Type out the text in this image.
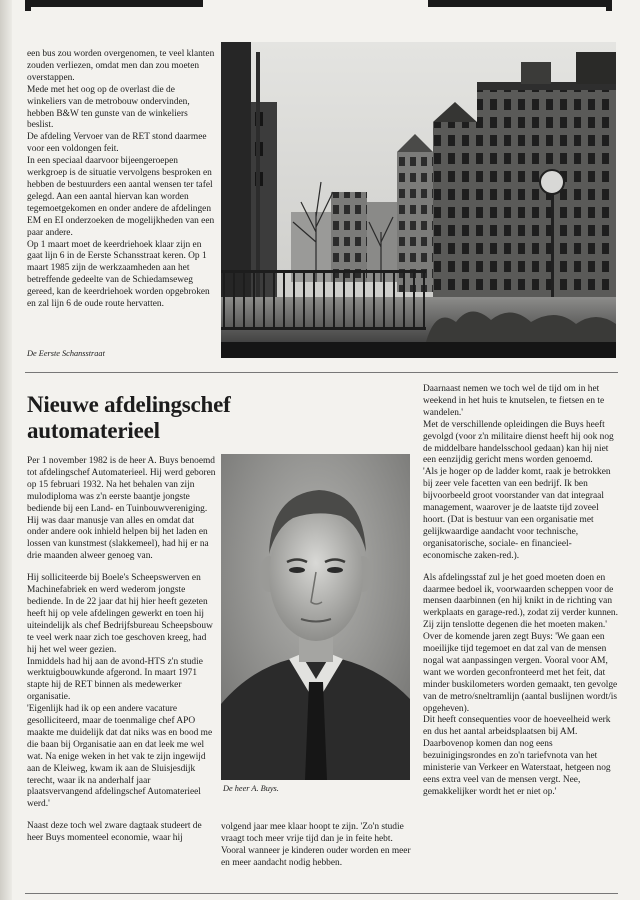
een bus zou worden overgenomen, te veel klanten zouden verliezen, omdat men dan zou moeten overstappen.

Mede met het oog op de overlast die de winkeliers van de metrobouw ondervinden, hebben B&W ten gunste van de winkeliers beslist.

De afdeling Vervoer van de RET stond daarmee voor een voldongen feit.

In een speciaal daarvoor bijeengeroepen werkgroep is de situatie vervolgens besproken en hebben de bestuurders een aantal wensen ter tafel gelegd. Aan een aantal hiervan kan worden tegemoetgekomen en onder andere de afdelingen EM en EI onderzoeken de mogelijkheden van een paar andere.

Op 1 maart moet de keerdriehoek klaar zijn en gaat lijn 6 in de Eerste Schansstraat keren. Op 1 maart 1985 zijn de werkzaamheden aan het betreffende gedeelte van de Schiedamseweg gereed, kan de keerdriehoek worden opgebroken en zal lijn 6 de oude route hervatten.

De Eerste Schansstraat
Nieuwe afdelingschef automaterieel

Per 1 november 1982 is de heer A. Buys benoemd tot afdelingschef Automaterieel. Hij werd geboren op 15 februari 1932. Na het behalen van zijn mulodiploma was z'n eerste baantje jongste bediende bij een Land- en Tuinbouwvereniging. Hij was daar manusje van alles en omdat dat onder andere ook inhield helpen bij het laden en lossen van kunstmest (slakkemeel), had hij er na drie maanden alweer genoeg van.

Hij solliciteerde bij Boele's Scheepswerven en Machinefabriek en werd wederom jongste bediende. In de 22 jaar dat hij hier heeft gezeten heeft hij op vele afdelingen gewerkt en toen hij uiteindelijk als chef Bedrijfsbureau Scheepsbouw te veel werk naar zich toe geschoven kreeg, had hij het wel weer gezien.

Inmiddels had hij aan de avond-HTS z'n studie werktuigbouwkunde afgerond. In maart 1971 stapte hij de RET binnen als medewerker organisatie.

'Eigenlijk had ik op een andere vacature gesolliciteerd, maar de toenmalige chef APO maakte me duidelijk dat dat niks was en bood me die baan bij Organisatie aan en dat leek me wel wat. Na enige weken in het vak te zijn ingewijd aan de Kleiweg, kwam ik aan de Sluisjesdijk terecht, waar ik na anderhalf jaar plaatsvervangend afdelingschef Automaterieel werd.'

Naast deze toch wel zware dagtaak studeert de heer Buys momenteel economie, waar hij

De heer A. Buys.

volgend jaar mee klaar hoopt te zijn. 'Zo'n studie vraagt toch meer vrije tijd dan je in feite hebt. Vooral wanneer je kinderen ouder worden en meer en meer aandacht nodig hebben.

Daarnaast nemen we toch wel de tijd om in het weekend in het huis te knutselen, te fietsen en te wandelen.'

Met de verschillende opleidingen die Buys heeft gevolgd (voor z'n militaire dienst heeft hij ook nog de middelbare handelsschool gedaan) kan hij niet een eenzijdig gericht mens worden genoemd.

'Als je hoger op de ladder komt, raak je betrokken bij zeer vele facetten van een bedrijf. Ik ben bijvoorbeeld groot voorstander van dat integraal management, waarover je de laatste tijd zoveel hoort. (Dat is bestuur van een organisatie met gelijkwaardige aandacht voor technische, organisatorische, sociale- en financieel-economische zaken-red.).

Als afdelingsstaf zul je het goed moeten doen en daarmee bedoel ik, voorwaarden scheppen voor de mensen daarbinnen (en hij knikt in de richting van werkplaats en garage-red.), zodat zij verder kunnen. Zij zijn tenslotte degenen die het moeten maken.'

Over de komende jaren zegt Buys: 'We gaan een moeilijke tijd tegemoet en dat zal van de mensen nogal wat aanpassingen vergen. Vooral voor AM, want we worden geconfronteerd met het feit, dat minder buskilometers worden gemaakt, ten gevolge van de metro/sneltramlijn (aantal buslijnen wordt/is opgeheven).

Dit heeft consequenties voor de hoeveelheid werk en dus het aantal arbeidsplaatsen bij AM. Daarbovenop komen dan nog eens bezuinigingsrondes en zo'n tariefvnota van het ministerie van Verkeer en Waterstaat, hetgeen nog eens extra veel van de mensen vergt. Nee, gemakkelijker wordt het er niet op.'
